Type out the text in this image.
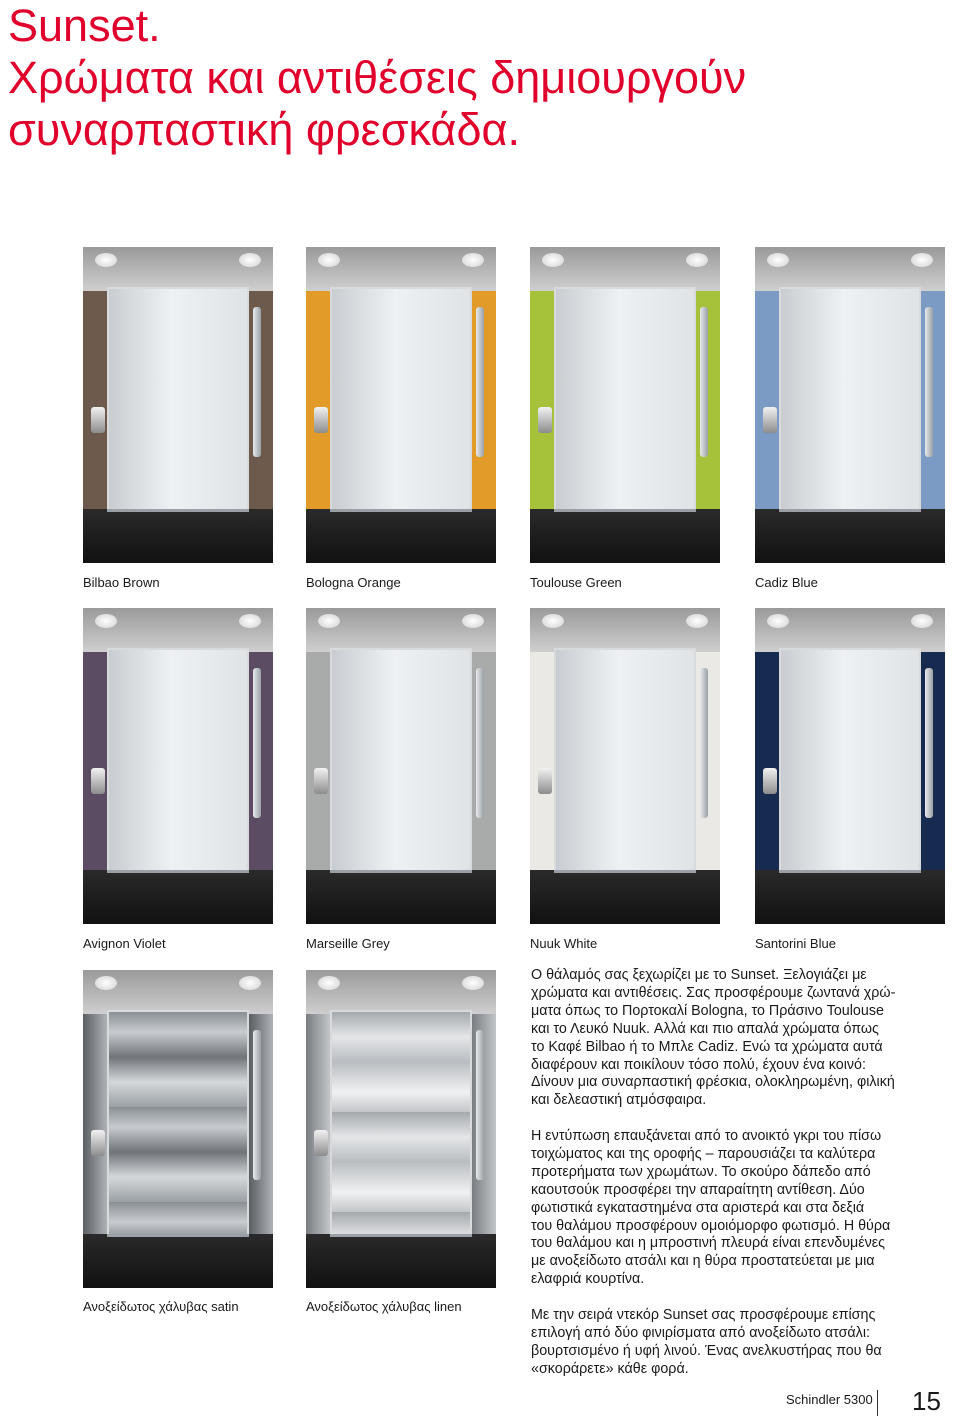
Sunset.
Χρώματα και αντιθέσεις δημιουργούν
συναρπαστική φρεσκάδα.
Bilbao Brown	Bologna Orange	Toulouse Green	Cadiz Blue
Avignon Violet	Marseille Grey	Nuuk White	Santorini Blue
Ανοξείδωτος χάλυβας satin	Ανοξείδωτος χάλυβας linen

Ο θάλαμός σας ξεχωρίζει με το Sunset. Ξελογιάζει με
χρώματα και αντιθέσεις. Σας προσφέρουμε ζωντανά χρώ-
ματα όπως το Πορτοκαλί Bologna, το Πράσινο Toulouse
και το Λευκό Nuuk. Αλλά και πιο απαλά χρώματα όπως
το Καφέ Bilbao ή το Μπλε Cadiz. Ενώ τα χρώματα αυτά
διαφέρουν και ποικίλουν τόσο πολύ, έχουν ένα κοινό:
Δίνουν μια συναρπαστική φρέσκια, ολοκληρωμένη, φιλική
και δελεαστική ατμόσφαιρα.

Η εντύπωση επαυξάνεται από το ανοικτό γκρι του πίσω
τοιχώματος και της οροφής – παρουσιάζει τα καλύτερα
προτερήματα των χρωμάτων. Το σκούρο δάπεδο από
καουτσούκ προσφέρει την απαραίτητη αντίθεση. Δύο
φωτιστικά εγκαταστημένα στα αριστερά και στα δεξιά
του θαλάμου προσφέρουν ομοιόμορφο φωτισμό. Η θύρα
του θαλάμου και η μπροστινή πλευρά είναι επενδυμένες
με ανοξείδωτο ατσάλι και η θύρα προστατεύεται με μια
ελαφριά κουρτίνα.

Με την σειρά ντεκόρ Sunset σας προσφέρουμε επίσης
επιλογή από δύο φινιρίσματα από ανοξείδωτο ατσάλι:
βουρτσισμένο ή υφή λινού. Ένας ανελκυστήρας που θα
«σκοράρετε» κάθε φορά.

Schindler 5300 15
